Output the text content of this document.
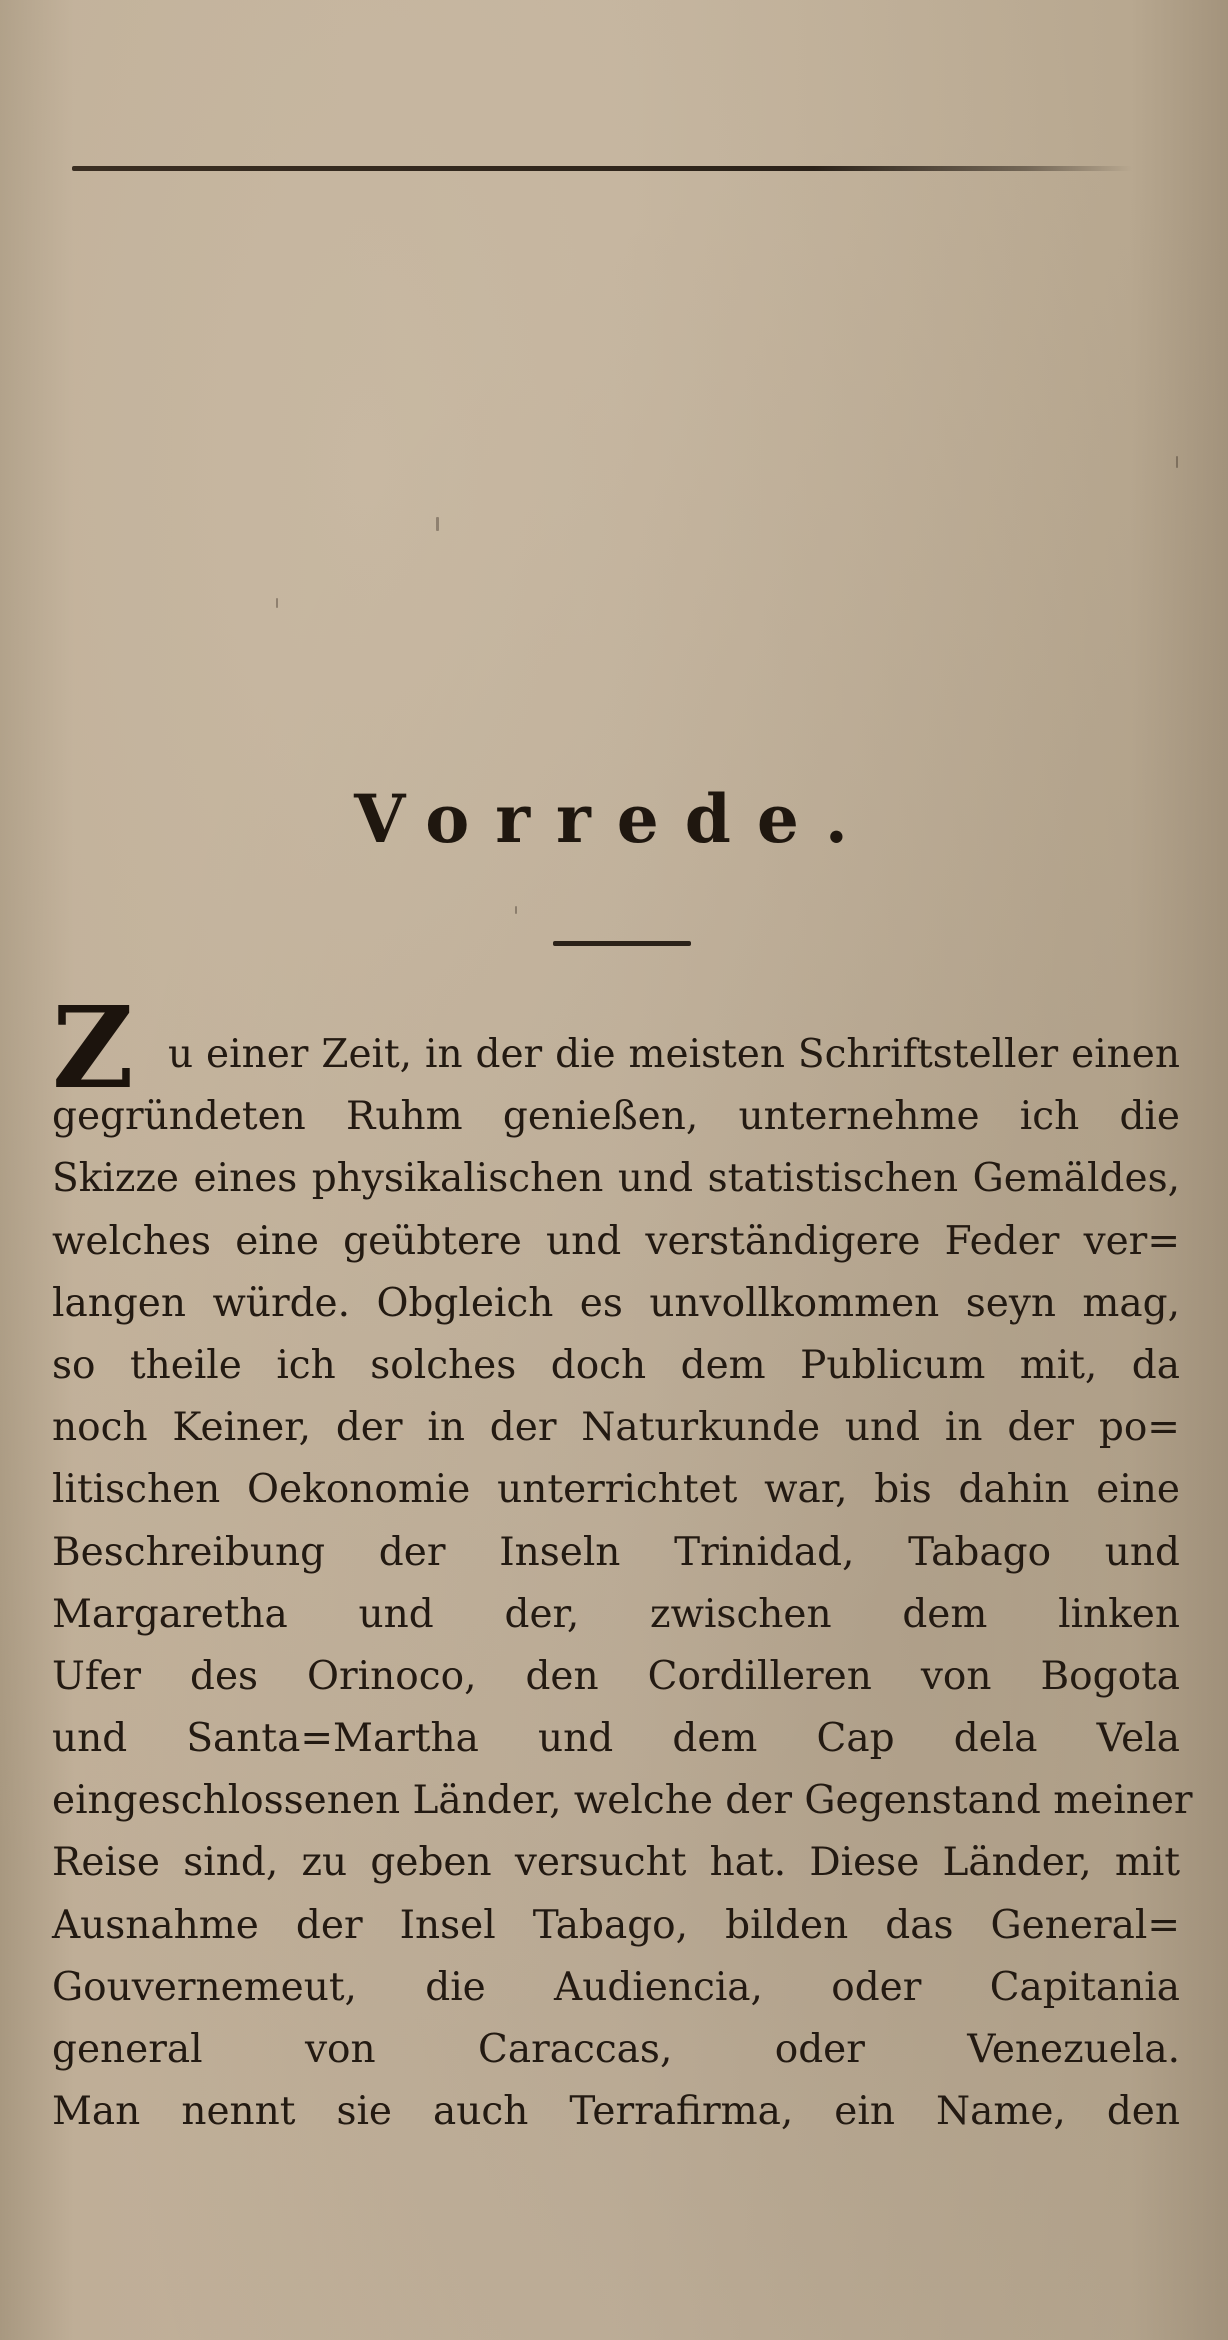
Vorrede.
Z u einer Zeit, in der die meisten Schriftsteller einen
gegründeten Ruhm genießen, unternehme ich die
Skizze eines physikalischen und statistischen Gemäldes,
welches eine geübtere und verständigere Feder ver=
langen würde. Obgleich es unvollkommen seyn mag,
so theile ich solches doch dem Publicum mit, da
noch Keiner, der in der Naturkunde und in der po=
litischen Oekonomie unterrichtet war, bis dahin eine
Beschreibung der Inseln Trinidad, Tabago und
Margaretha und der, zwischen dem linken
Ufer des Orinoco, den Cordilleren von Bogota
und Santa=Martha und dem Cap dela Vela
eingeschlossenen Länder, welche der Gegenstand meiner
Reise sind, zu geben versucht hat. Diese Länder, mit
Ausnahme der Insel Tabago, bilden das General=
Gouvernemeut, die Audiencia, oder Capitania
general von Caraccas, oder Venezuela.
Man nennt sie auch Terrafirma, ein Name, den
